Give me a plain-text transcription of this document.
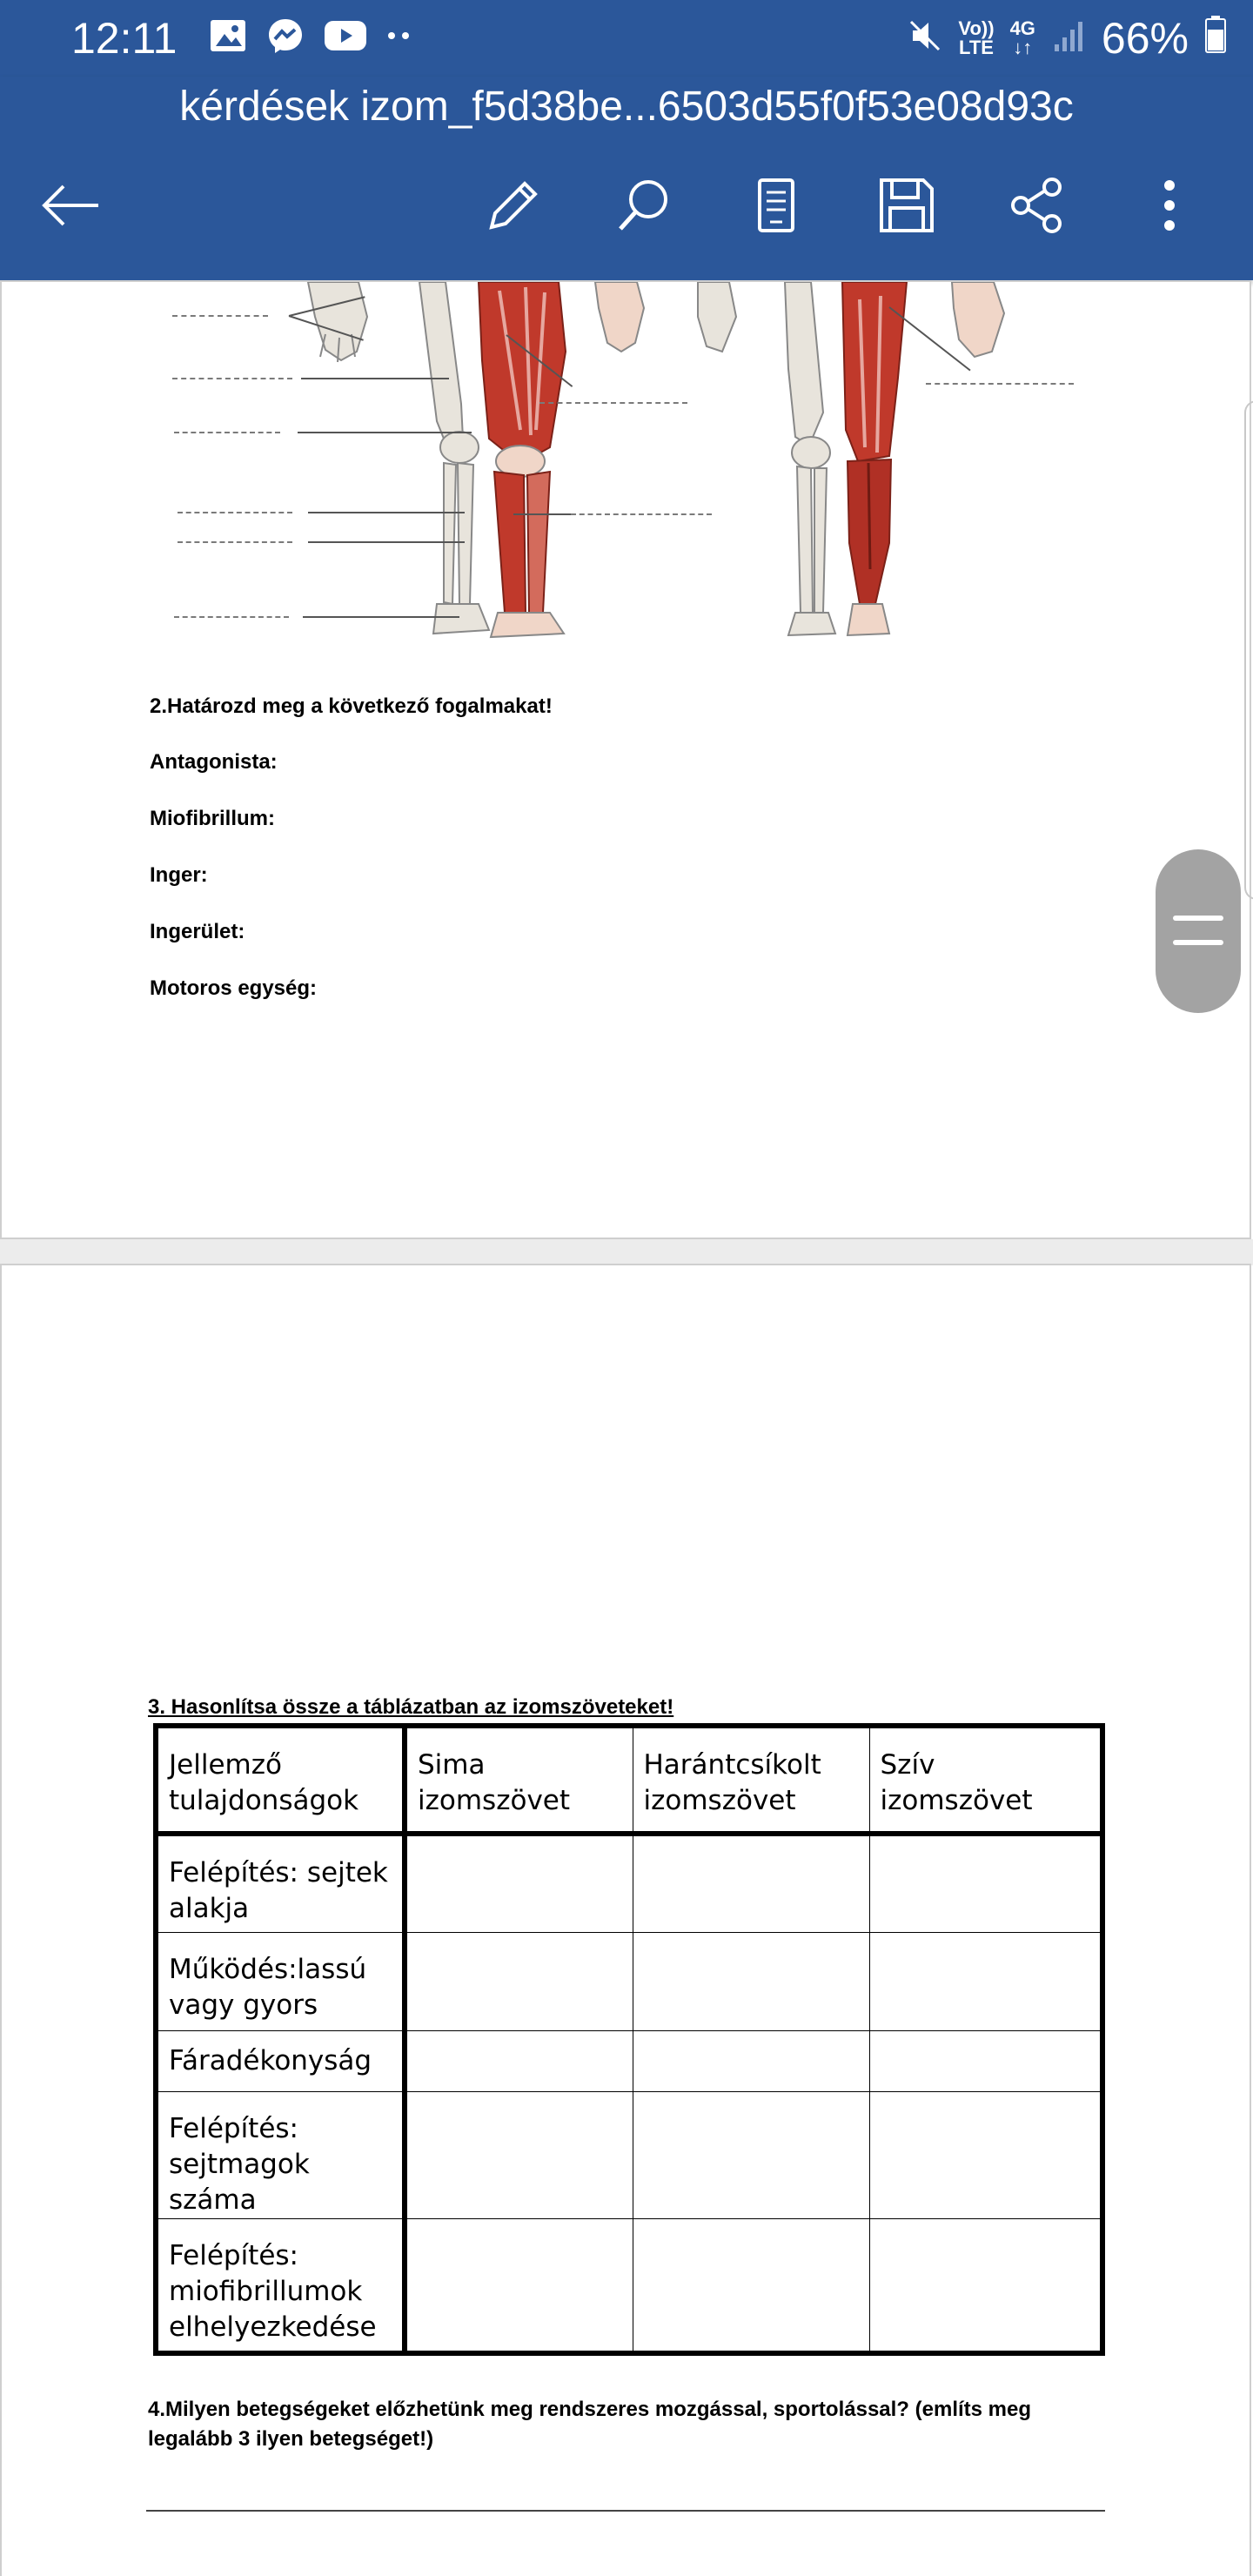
12:11	Vo))
LTE
4G
↓↑ 66%
kérdések izom_f5d38be...6503d55f0f53e08d93c
2.Határozd meg a következő fogalmakat!
Antagonista:
Miofibrillum:
Inger:
Ingerület:
Motoros egység:
3. Hasonlítsa össze a táblázatban az izomszöveteket!
Jellemző tulajdonságok	Sima izomszövet	Harántcsíkolt izomszövet	Szív izomszövet
Felépítés: sejtek alakja			
Működés:lassú vagy gyors			
Fáradékonyság			
Felépítés: sejtmagok száma			
Felépítés: miofibrillumok elhelyezkedése			
4.Milyen betegségeket előzhetünk meg rendszeres mozgással, sportolással? (említs meg legalább 3 ilyen betegséget!)
